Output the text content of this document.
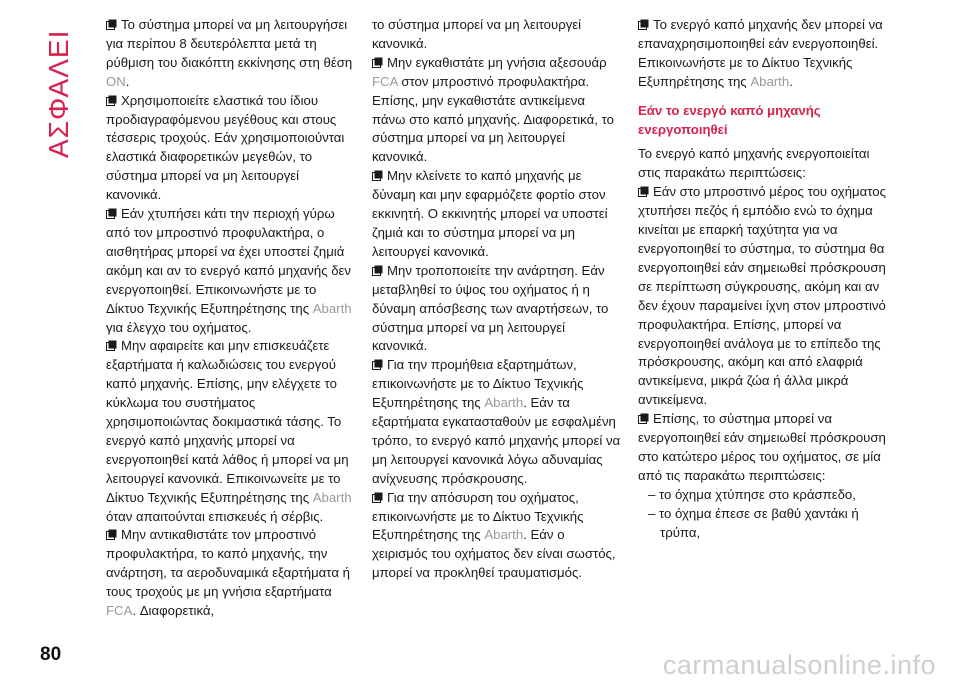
ΑΣΦΑΛΕΙΑ	Το σύστημα μπορεί να μη λειτουργήσει για περίπου 8 δευτερόλεπτα μετά τη ρύθμιση του διακόπτη εκκίνησης στη θέση ON.

Χρησιμοποιείτε ελαστικά του ίδιου προδιαγραφόμενου μεγέθους και στους τέσσερις τροχούς. Εάν χρησιμοποιούνται ελαστικά διαφορετικών μεγεθών, το σύστημα μπορεί να μη λειτουργεί κανονικά.

Εάν χτυπήσει κάτι την περιοχή γύρω από τον μπροστινό προφυλακτήρα, ο αισθητήρας μπορεί να έχει υποστεί ζημιά ακόμη και αν το ενεργό καπό μηχανής δεν ενεργοποιηθεί. Επικοινωνήστε με το Δίκτυο Τεχνικής Εξυπηρέτησης της Abarth για έλεγχο του οχήματος.

Μην αφαιρείτε και μην επισκευάζετε εξαρτήματα ή καλωδιώσεις του ενεργού καπό μηχανής. Επίσης, μην ελέγχετε το κύκλωμα του συστήματος χρησιμοποιώντας δοκιμαστικά τάσης. Το ενεργό καπό μηχανής μπορεί να ενεργοποιηθεί κατά λάθος ή μπορεί να μη λειτουργεί κανονικά. Επικοινωνείτε με το Δίκτυο Τεχνικής Εξυπηρέτησης της Abarth όταν απαιτούνται επισκευές ή σέρβις.

Μην αντικαθιστάτε τον μπροστινό προφυλακτήρα, το καπό μηχανής, την ανάρτηση, τα αεροδυναμικά εξαρτήματα ή τους τροχούς με μη γνήσια εξαρτήματα FCA. Διαφορετικά,

το σύστημα μπορεί να μη λειτουργεί κανονικά.

Μην εγκαθιστάτε μη γνήσια αξεσουάρ FCA στον μπροστινό προφυλακτήρα. Επίσης, μην εγκαθιστάτε αντικείμενα πάνω στο καπό μηχανής. Διαφορετικά, το σύστημα μπορεί να μη λειτουργεί κανονικά.

Μην κλείνετε το καπό μηχανής με δύναμη και μην εφαρμόζετε φορτίο στον εκκινητή. Ο εκκινητής μπορεί να υποστεί ζημιά και το σύστημα μπορεί να μη λειτουργεί κανονικά.

Μην τροποποιείτε την ανάρτηση. Εάν μεταβληθεί το ύψος του οχήματος ή η δύναμη απόσβεσης των αναρτήσεων, το σύστημα μπορεί να μη λειτουργεί κανονικά.

Για την προμήθεια εξαρτημάτων, επικοινωνήστε με το Δίκτυο Τεχνικής Εξυπηρέτησης της Abarth. Εάν τα εξαρτήματα εγκατασταθούν με εσφαλμένη τρόπο, το ενεργό καπό μηχανής μπορεί να μη λειτουργεί κανονικά λόγω αδυναμίας ανίχνευσης πρόσκρουσης.

Για την απόσυρση του οχήματος, επικοινωνήστε με το Δίκτυο Τεχνικής Εξυπηρέτησης της Abarth. Εάν ο χειρισμός του οχήματος δεν είναι σωστός, μπορεί να προκληθεί τραυματισμός.

Το ενεργό καπό μηχανής δεν μπορεί να επαναχρησιμοποιηθεί εάν ενεργοποιηθεί. Επικοινωνήστε με το Δίκτυο Τεχνικής Εξυπηρέτησης της Abarth.

Εάν το ενεργό καπό μηχανής ενεργοποιηθεί

Το ενεργό καπό μηχανής ενεργοποιείται στις παρακάτω περιπτώσεις:

Εάν στο μπροστινό μέρος του οχήματος χτυπήσει πεζός ή εμπόδιο ενώ το όχημα κινείται με επαρκή ταχύτητα για να ενεργοποιηθεί το σύστημα, το σύστημα θα ενεργοποιηθεί εάν σημειωθεί πρόσκρουση σε περίπτωση σύγκρουσης, ακόμη και αν δεν έχουν παραμείνει ίχνη στον μπροστινό προφυλακτήρα. Επίσης, μπορεί να ενεργοποιηθεί ανάλογα με το επίπεδο της πρόσκρουσης, ακόμη και από ελαφριά αντικείμενα, μικρά ζώα ή άλλα μικρά αντικείμενα.

Επίσης, το σύστημα μπορεί να ενεργοποιηθεί εάν σημειωθεί πρόσκρουση στο κατώτερο μέρος του οχήματος, σε μία από τις παρακάτω περιπτώσεις:

– το όχημα χτύπησε στο κράσπεδο,

– το όχημα έπεσε σε βαθύ χαντάκι ή τρύπα,

80	carmanualsonline.info
